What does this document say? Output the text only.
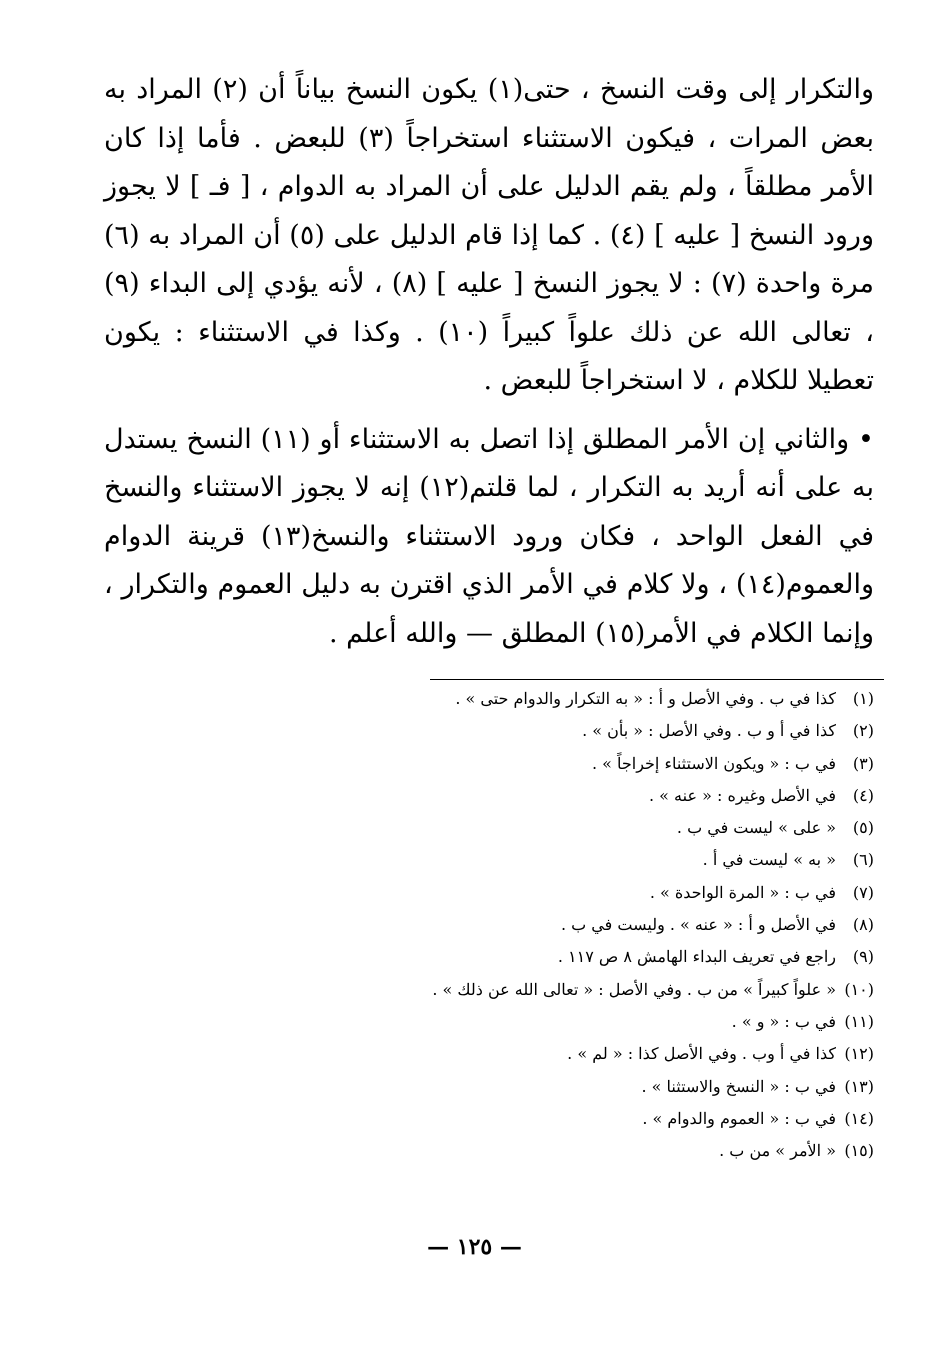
والتكرار إلى وقت النسخ ، حتى(١) يكون النسخ بياناً أن (٢) المراد به بعض المرات ، فيكون الاستثناء استخراجاً (٣) للبعض . فأما إذا كان الأمر مطلقاً ، ولم يقم الدليل على أن المراد به الدوام ، [ فـ ] لا يجوز ورود النسخ [ عليه ] (٤) . كما إذا قام الدليل على (٥) أن المراد به (٦) مرة واحدة (٧) : لا يجوز النسخ [ عليه ] (٨) ، لأنه يؤدي إلى البداء (٩) ، تعالى الله عن ذلك علواً كبيراً (١٠) . وكذا في الاستثناء : يكون تعطيلا للكلام ، لا استخراجاً للبعض .

• والثاني إن الأمر المطلق إذا اتصل به الاستثناء أو (١١) النسخ يستدل به على أنه أريد به التكرار ، لما قلتم(١٢) إنه لا يجوز الاستثناء والنسخ في الفعل الواحد ، فكان ورود الاستثناء والنسخ(١٣) قرينة الدوام والعموم(١٤) ، ولا كلام في الأمر الذي اقترن به دليل العموم والتكرار ، وإنما الكلام في الأمر(١٥) المطلق — والله أعلم .

(١)كذا في ب . وفي الأصل و أ : « به التكرار والدوام حتى » .
(٢)كذا في أ و ب . وفي الأصل : « بأن » .
(٣)في ب : « ويكون الاستثناء إخراجاً » .
(٤)في الأصل وغيره : « عنه » .
(٥)« على » ليست في ب .
(٦)« به » ليست في أ .
(٧)في ب : « المرة الواحدة » .
(٨)في الأصل و أ : « عنه » . وليست في ب .
(٩)راجع في تعريف البداء الهامش ٨ ص ١١٧ .
(١٠)« علواً كبيراً » من ب . وفي الأصل : « تعالى الله عن ذلك » .
(١١)في ب : « و » .
(١٢)كذا في أ وب . وفي الأصل كذا : « لم » .
(١٣)في ب : « النسخ والاستثنا » .
(١٤)في ب : « العموم والدوام » .
(١٥)« الأمر » من ب .
— ١٢٥ —
